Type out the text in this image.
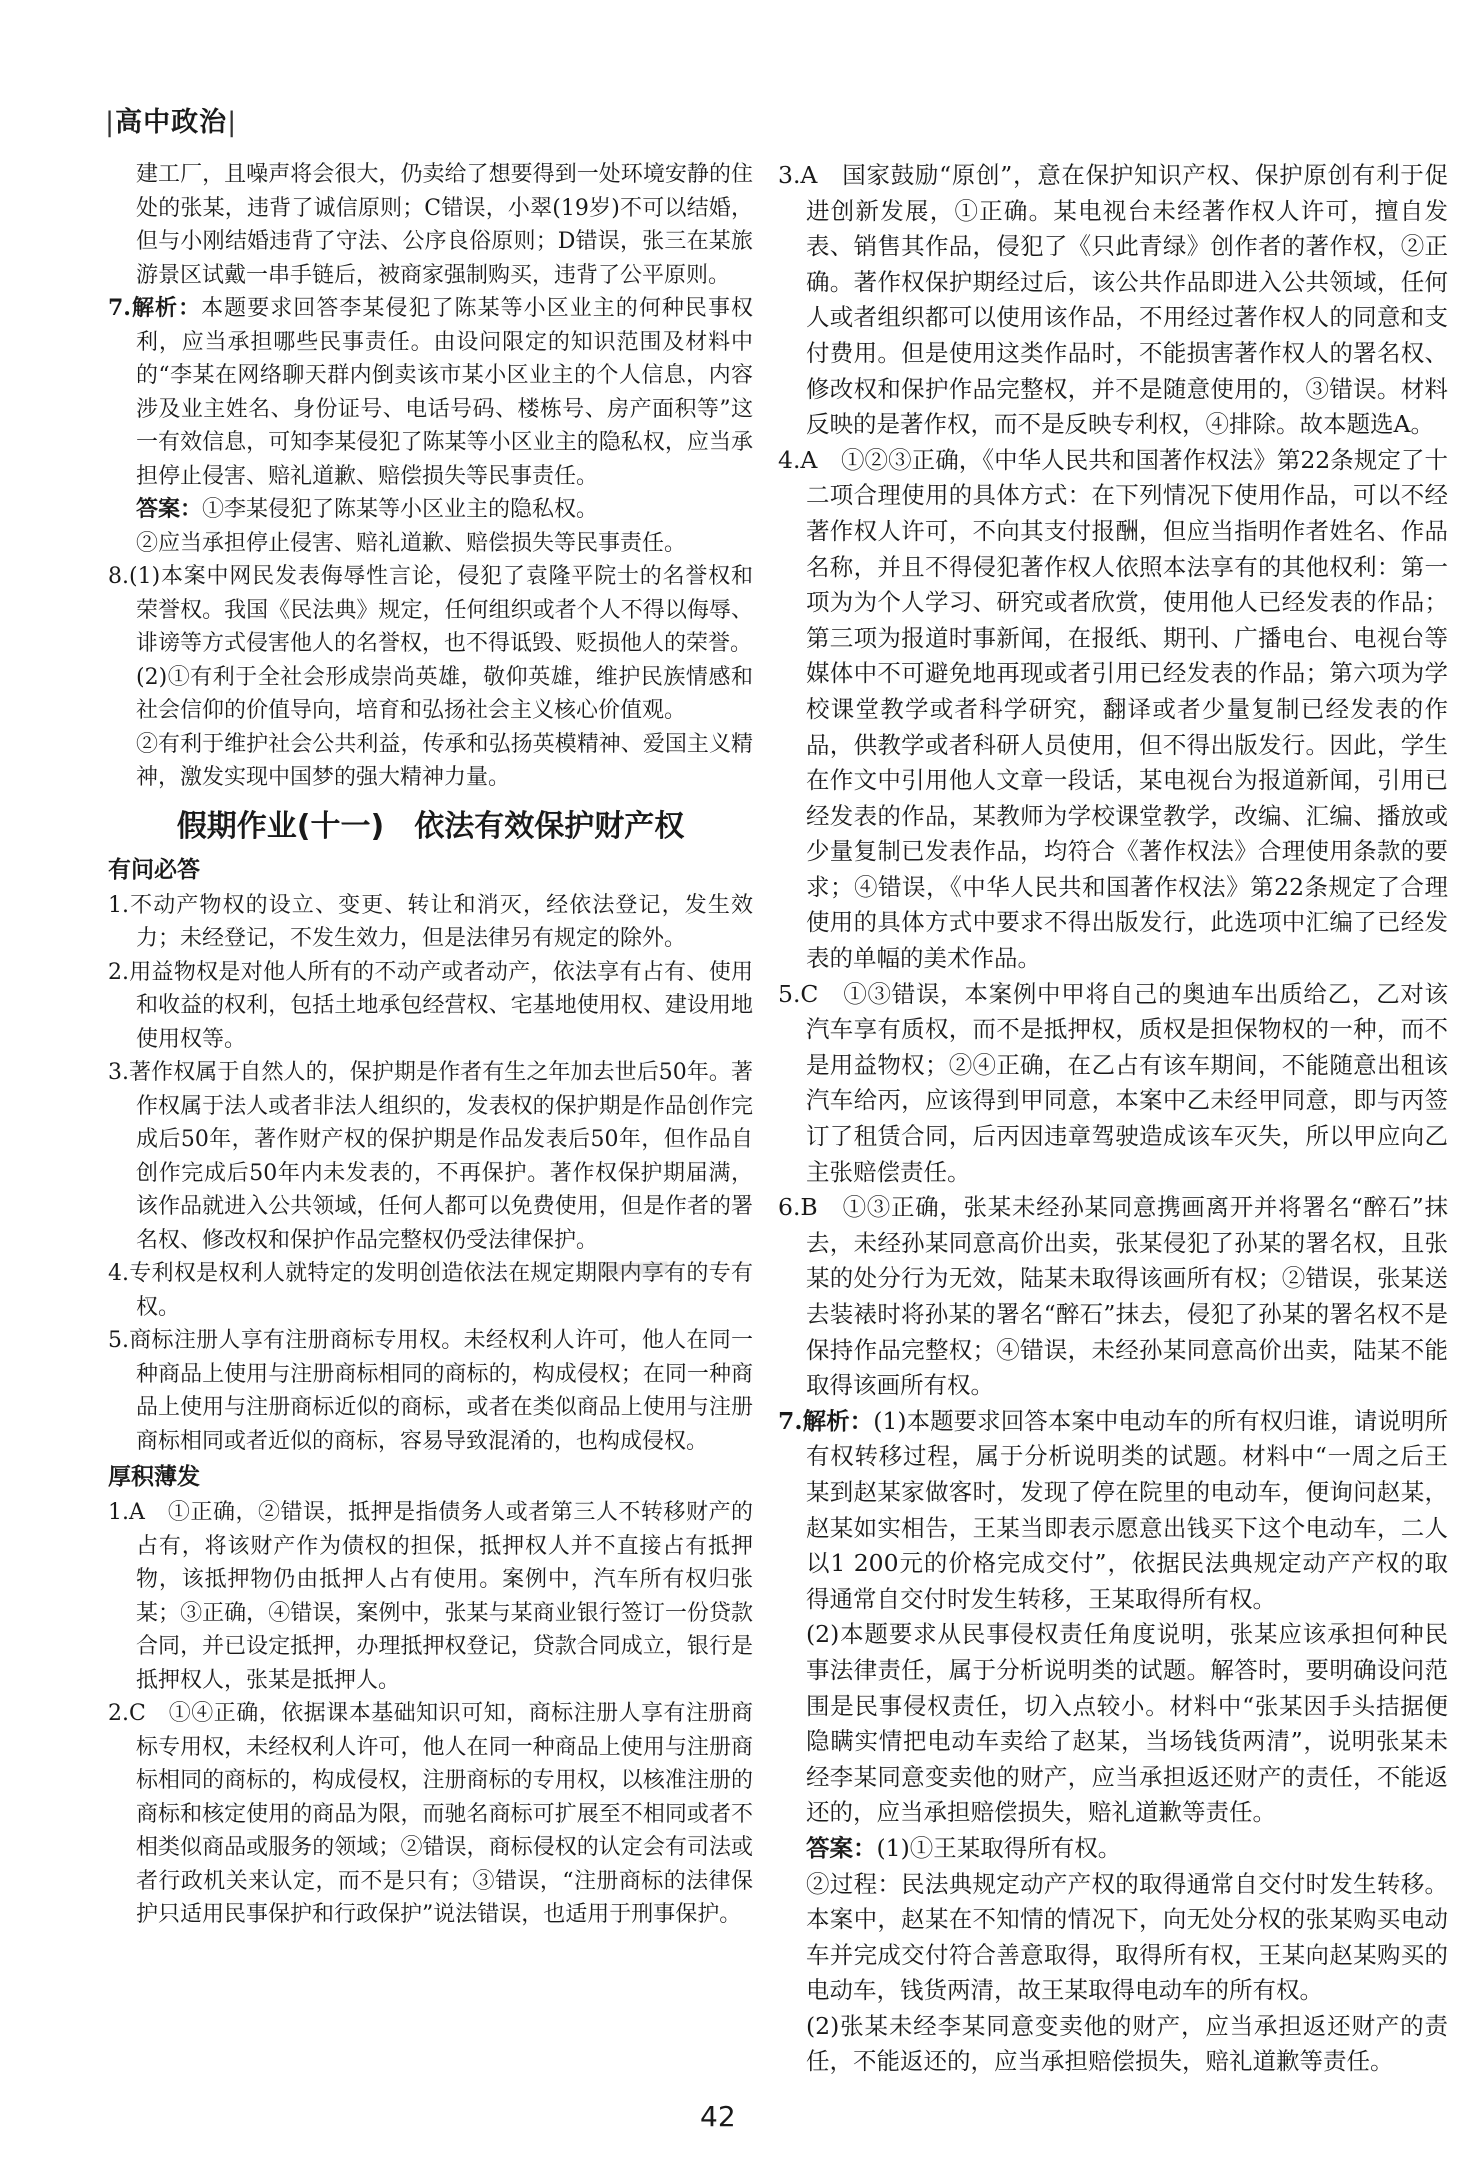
|高中政治|

建工厂，且噪声将会很大，仍卖给了想要得到一处环境安静的住处的张某，违背了诚信原则；C错误，小翠(19岁)不可以结婚，但与小刚结婚违背了守法、公序良俗原则；D错误，张三在某旅游景区试戴一串手链后，被商家强制购买，违背了公平原则。

7.解析：本题要求回答李某侵犯了陈某等小区业主的何种民事权利，应当承担哪些民事责任。由设问限定的知识范围及材料中的“李某在网络聊天群内倒卖该市某小区业主的个人信息，内容涉及业主姓名、身份证号、电话号码、楼栋号、房产面积等”这一有效信息，可知李某侵犯了陈某等小区业主的隐私权，应当承担停止侵害、赔礼道歉、赔偿损失等民事责任。

答案：①李某侵犯了陈某等小区业主的隐私权。

②应当承担停止侵害、赔礼道歉、赔偿损失等民事责任。

8.(1)本案中网民发表侮辱性言论，侵犯了袁隆平院士的名誉权和荣誉权。我国《民法典》规定，任何组织或者个人不得以侮辱、诽谤等方式侵害他人的名誉权，也不得诋毁、贬损他人的荣誉。

(2)①有利于全社会形成崇尚英雄，敬仰英雄，维护民族情感和社会信仰的价值导向，培育和弘扬社会主义核心价值观。

②有利于维护社会公共利益，传承和弘扬英模精神、爱国主义精神，激发实现中国梦的强大精神力量。

假期作业(十一)　依法有效保护财产权
有问必答

1.不动产物权的设立、变更、转让和消灭，经依法登记，发生效力；未经登记，不发生效力，但是法律另有规定的除外。

2.用益物权是对他人所有的不动产或者动产，依法享有占有、使用和收益的权利，包括土地承包经营权、宅基地使用权、建设用地使用权等。

3.著作权属于自然人的，保护期是作者有生之年加去世后50年。著作权属于法人或者非法人组织的，发表权的保护期是作品创作完成后50年，著作财产权的保护期是作品发表后50年，但作品自创作完成后50年内未发表的，不再保护。著作权保护期届满，该作品就进入公共领域，任何人都可以免费使用，但是作者的署名权、修改权和保护作品完整权仍受法律保护。

4.专利权是权利人就特定的发明创造依法在规定期限内享有的专有权。

5.商标注册人享有注册商标专用权。未经权利人许可，他人在同一种商品上使用与注册商标相同的商标的，构成侵权；在同一种商品上使用与注册商标近似的商标，或者在类似商品上使用与注册商标相同或者近似的商标，容易导致混淆的，也构成侵权。

厚积薄发

1.A　①正确，②错误，抵押是指债务人或者第三人不转移财产的占有，将该财产作为债权的担保，抵押权人并不直接占有抵押物，该抵押物仍由抵押人占有使用。案例中，汽车所有权归张某；③正确，④错误，案例中，张某与某商业银行签订一份贷款合同，并已设定抵押，办理抵押权登记，贷款合同成立，银行是抵押权人，张某是抵押人。

2.C　①④正确，依据课本基础知识可知，商标注册人享有注册商标专用权，未经权利人许可，他人在同一种商品上使用与注册商标相同的商标的，构成侵权，注册商标的专用权，以核准注册的商标和核定使用的商品为限，而驰名商标可扩展至不相同或者不相类似商品或服务的领域；②错误，商标侵权的认定会有司法或者行政机关来认定，而不是只有；③错误，“注册商标的法律保护只适用民事保护和行政保护”说法错误，也适用于刑事保护。

3.A　国家鼓励“原创”，意在保护知识产权、保护原创有利于促进创新发展，①正确。某电视台未经著作权人许可，擅自发表、销售其作品，侵犯了《只此青绿》创作者的著作权，②正确。著作权保护期经过后，该公共作品即进入公共领域，任何人或者组织都可以使用该作品，不用经过著作权人的同意和支付费用。但是使用这类作品时，不能损害著作权人的署名权、修改权和保护作品完整权，并不是随意使用的，③错误。材料反映的是著作权，而不是反映专利权，④排除。故本题选A。

4.A　①②③正确，《中华人民共和国著作权法》第22条规定了十二项合理使用的具体方式：在下列情况下使用作品，可以不经著作权人许可，不向其支付报酬，但应当指明作者姓名、作品名称，并且不得侵犯著作权人依照本法享有的其他权利：第一项为为个人学习、研究或者欣赏，使用他人已经发表的作品；第三项为报道时事新闻，在报纸、期刊、广播电台、电视台等媒体中不可避免地再现或者引用已经发表的作品；第六项为学校课堂教学或者科学研究，翻译或者少量复制已经发表的作品，供教学或者科研人员使用，但不得出版发行。因此，学生在作文中引用他人文章一段话，某电视台为报道新闻，引用已经发表的作品，某教师为学校课堂教学，改编、汇编、播放或少量复制已发表作品，均符合《著作权法》合理使用条款的要求；④错误，《中华人民共和国著作权法》第22条规定了合理使用的具体方式中要求不得出版发行，此选项中汇编了已经发表的单幅的美术作品。

5.C　①③错误，本案例中甲将自己的奥迪车出质给乙，乙对该汽车享有质权，而不是抵押权，质权是担保物权的一种，而不是用益物权；②④正确，在乙占有该车期间，不能随意出租该汽车给丙，应该得到甲同意，本案中乙未经甲同意，即与丙签订了租赁合同，后丙因违章驾驶造成该车灭失，所以甲应向乙主张赔偿责任。

6.B　①③正确，张某未经孙某同意携画离开并将署名“醉石”抹去，未经孙某同意高价出卖，张某侵犯了孙某的署名权，且张某的处分行为无效，陆某未取得该画所有权；②错误，张某送去装裱时将孙某的署名“醉石”抹去，侵犯了孙某的署名权不是保持作品完整权；④错误，未经孙某同意高价出卖，陆某不能取得该画所有权。

7.解析：(1)本题要求回答本案中电动车的所有权归谁，请说明所有权转移过程，属于分析说明类的试题。材料中“一周之后王某到赵某家做客时，发现了停在院里的电动车，便询问赵某，赵某如实相告，王某当即表示愿意出钱买下这个电动车，二人以1 200元的价格完成交付”，依据民法典规定动产产权的取得通常自交付时发生转移，王某取得所有权。

(2)本题要求从民事侵权责任角度说明，张某应该承担何种民事法律责任，属于分析说明类的试题。解答时，要明确设问范围是民事侵权责任，切入点较小。材料中“张某因手头拮据便隐瞒实情把电动车卖给了赵某，当场钱货两清”，说明张某未经李某同意变卖他的财产，应当承担返还财产的责任，不能返还的，应当承担赔偿损失，赔礼道歉等责任。

答案：(1)①王某取得所有权。

②过程：民法典规定动产产权的取得通常自交付时发生转移。本案中，赵某在不知情的情况下，向无处分权的张某购买电动车并完成交付符合善意取得，取得所有权，王某向赵某购买的电动车，钱货两清，故王某取得电动车的所有权。

(2)张某未经李某同意变卖他的财产，应当承担返还财产的责任，不能返还的，应当承担赔偿损失，赔礼道歉等责任。

⎯
42
